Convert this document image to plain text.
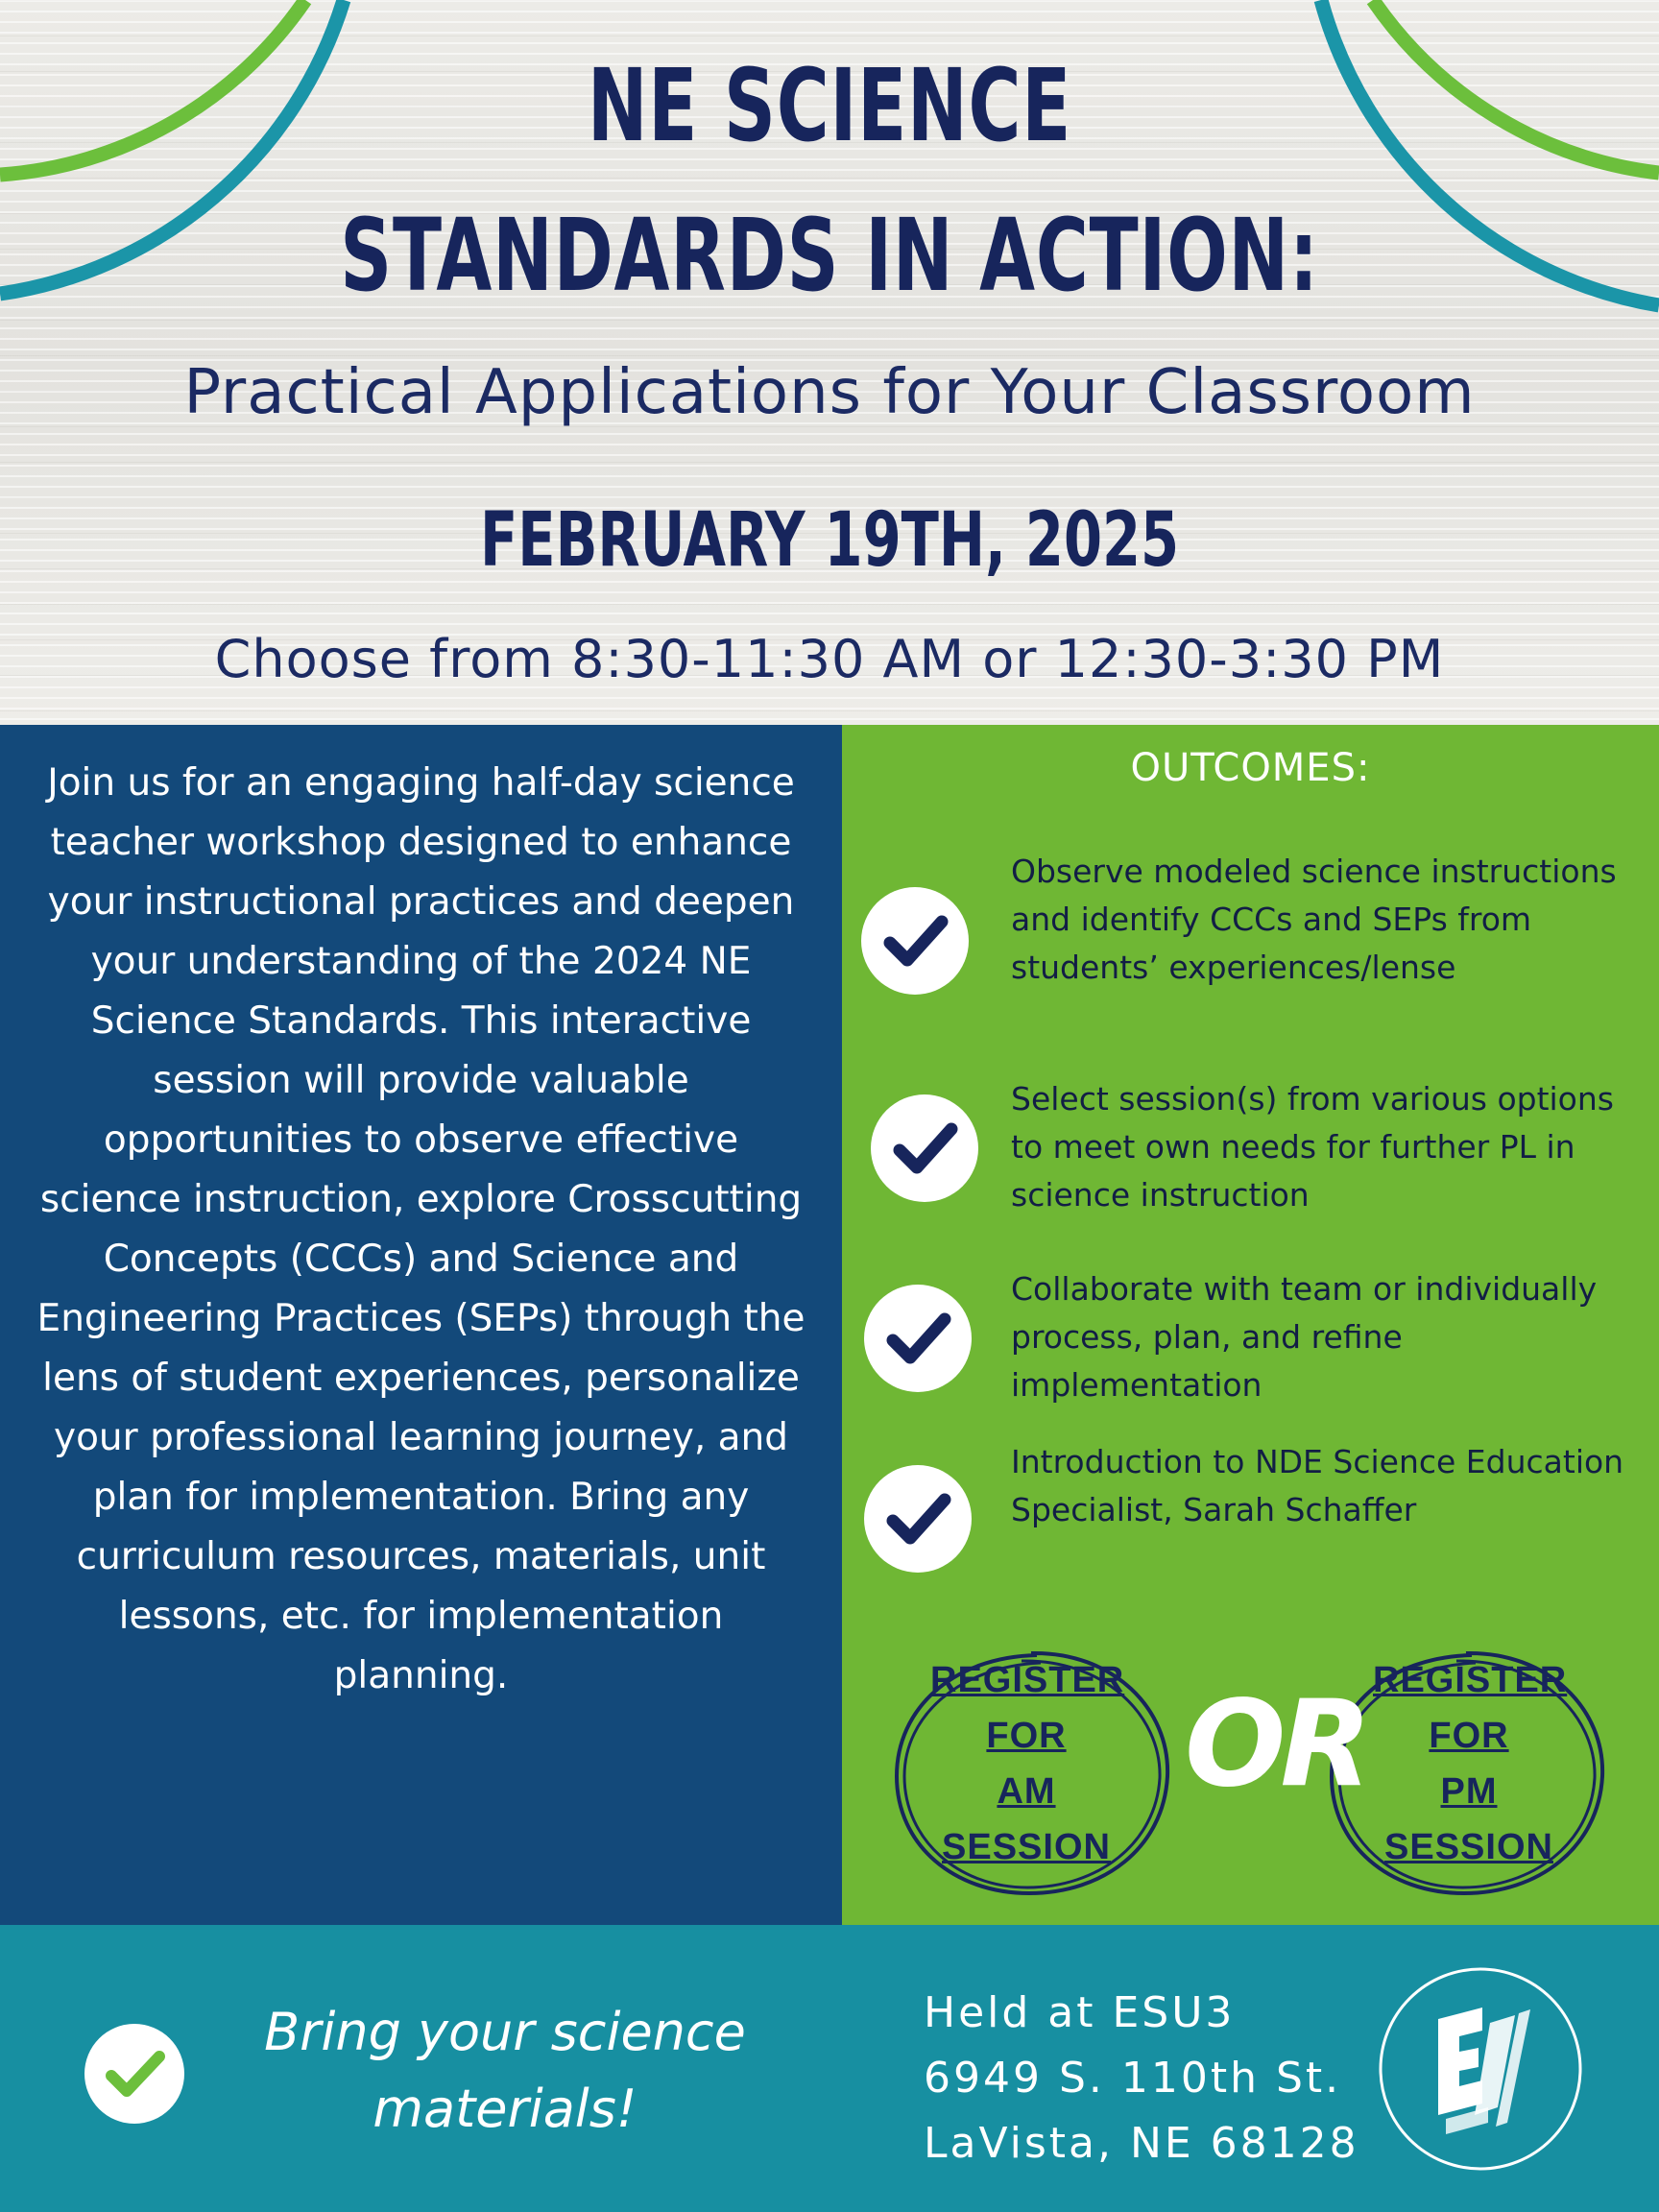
NE SCIENCE
STANDARDS IN ACTION:
Practical Applications for Your Classroom
FEBRUARY 19TH, 2025
Choose from 8:30-11:30 AM or 12:30-3:30 PM

Join us for an engaging half-day science teacher workshop designed to enhance your instructional practices and deepen your understanding of the 2024 NE Science Standards. This interactive session will provide valuable opportunities to observe effective science instruction, explore Crosscutting Concepts (CCCs) and Science and Engineering Practices (SEPs) through the lens of student experiences, personalize your professional learning journey, and plan for implementation. Bring any curriculum resources, materials, unit lessons, etc. for implementation planning.

OUTCOMES:
Observe modeled science instructions and identify CCCs and SEPs from students’ experiences/lense
Select session(s) from various options to meet own needs for further PL in science instruction
Collaborate with team or individually process, plan, and refine implementation
Introduction to NDE Science Education Specialist, Sarah Schaffer
REGISTER
FOR
AM
SESSION
OR REGISTER
FOR
PM
SESSION
Bring your science
materials!
Held at ESU3
6949 S. 110th St.
LaVista, NE 68128
